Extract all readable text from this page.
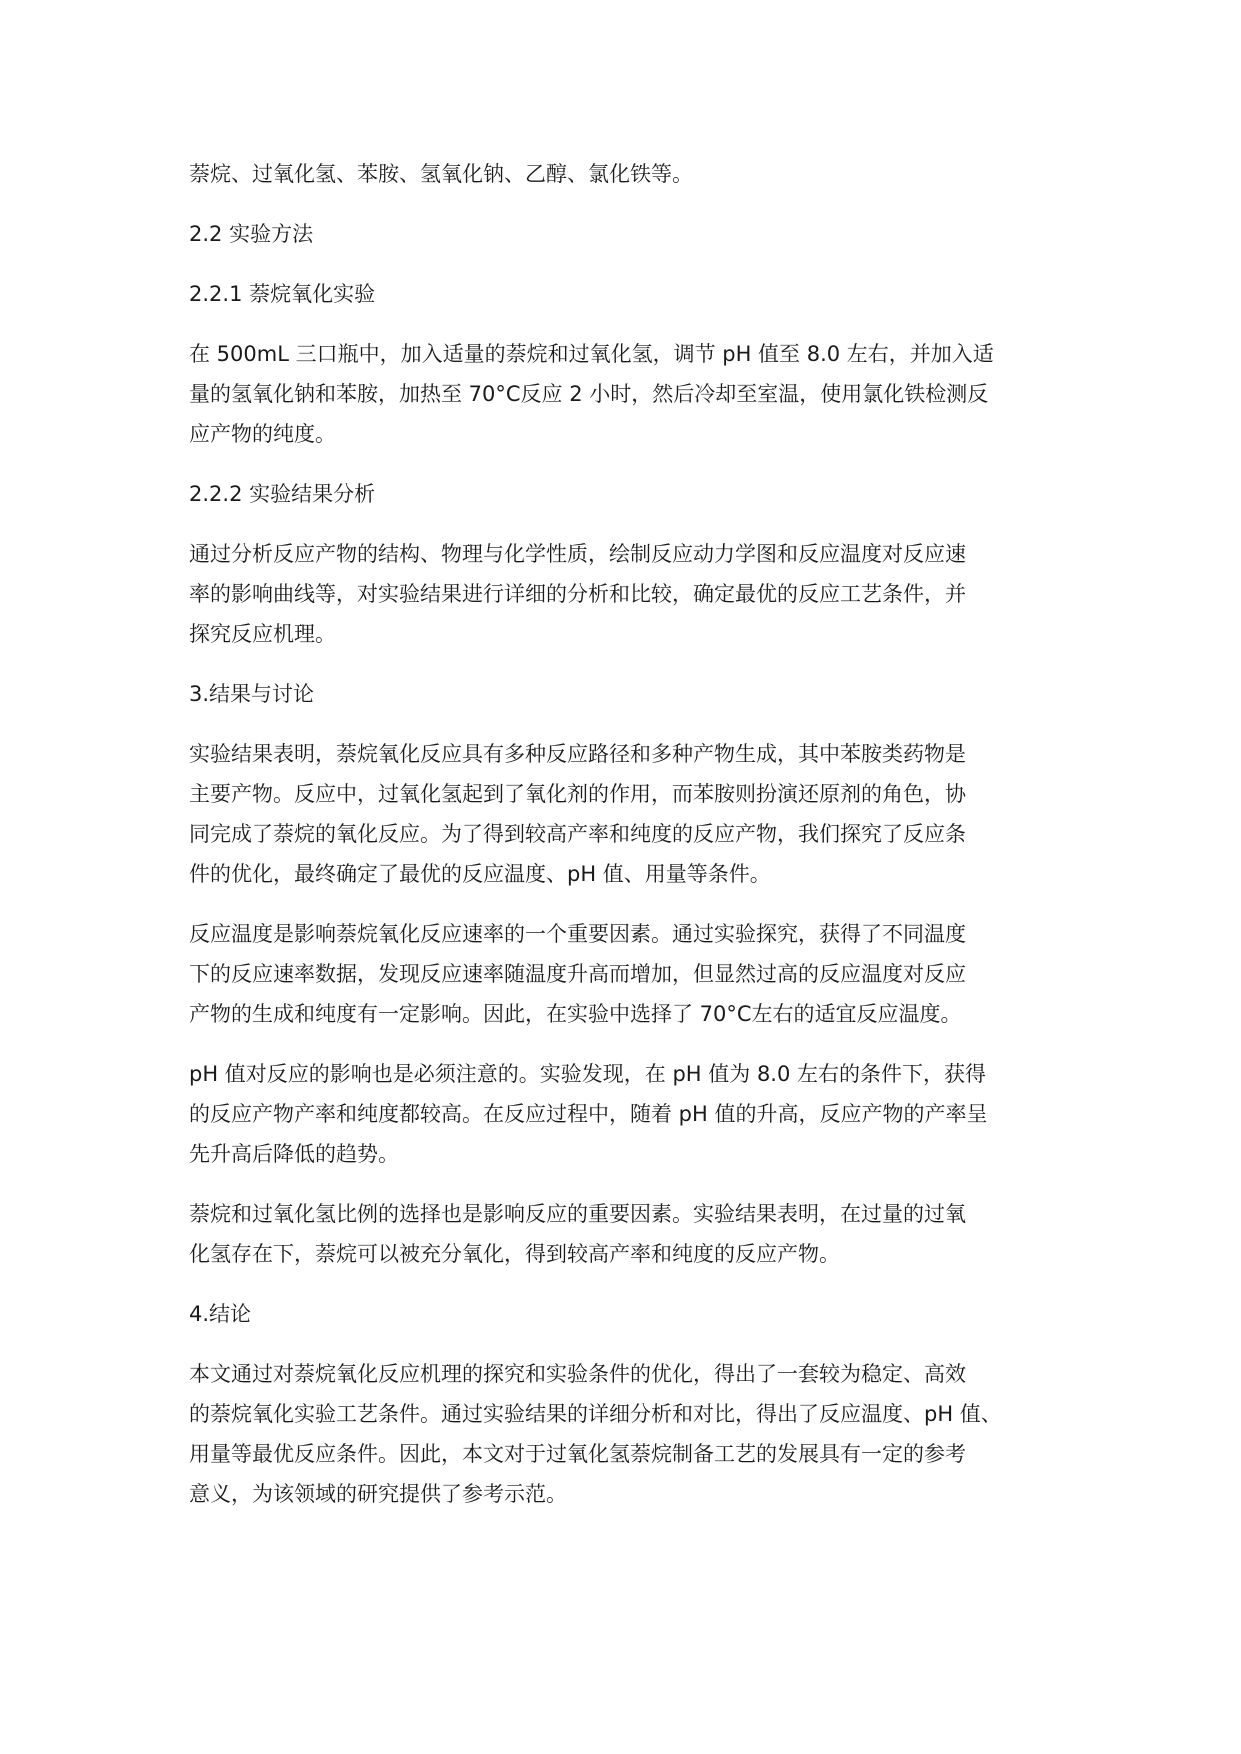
萘烷、过氧化氢、苯胺、氢氧化钠、乙醇、氯化铁等。
2.2 实验方法
2.2.1 萘烷氧化实验
在 500mL 三口瓶中，加入适量的萘烷和过氧化氢，调节 pH 值至 8.0 左右，并加入适
量的氢氧化钠和苯胺，加热至 70°C反应 2 小时，然后冷却至室温，使用氯化铁检测反
应产物的纯度。
2.2.2 实验结果分析
通过分析反应产物的结构、物理与化学性质，绘制反应动力学图和反应温度对反应速
率的影响曲线等，对实验结果进行详细的分析和比较，确定最优的反应工艺条件，并
探究反应机理。
3.结果与讨论
实验结果表明，萘烷氧化反应具有多种反应路径和多种产物生成，其中苯胺类药物是
主要产物。反应中，过氧化氢起到了氧化剂的作用，而苯胺则扮演还原剂的角色，协
同完成了萘烷的氧化反应。为了得到较高产率和纯度的反应产物，我们探究了反应条
件的优化，最终确定了最优的反应温度、pH 值、用量等条件。
反应温度是影响萘烷氧化反应速率的一个重要因素。通过实验探究，获得了不同温度
下的反应速率数据，发现反应速率随温度升高而增加，但显然过高的反应温度对反应
产物的生成和纯度有一定影响。因此，在实验中选择了 70°C左右的适宜反应温度。
pH 值对反应的影响也是必须注意的。实验发现，在 pH 值为 8.0 左右的条件下，获得
的反应产物产率和纯度都较高。在反应过程中，随着 pH 值的升高，反应产物的产率呈
先升高后降低的趋势。
萘烷和过氧化氢比例的选择也是影响反应的重要因素。实验结果表明，在过量的过氧
化氢存在下，萘烷可以被充分氧化，得到较高产率和纯度的反应产物。
4.结论
本文通过对萘烷氧化反应机理的探究和实验条件的优化，得出了一套较为稳定、高效
的萘烷氧化实验工艺条件。通过实验结果的详细分析和对比，得出了反应温度、pH 值、
用量等最优反应条件。因此，本文对于过氧化氢萘烷制备工艺的发展具有一定的参考
意义，为该领域的研究提供了参考示范。
